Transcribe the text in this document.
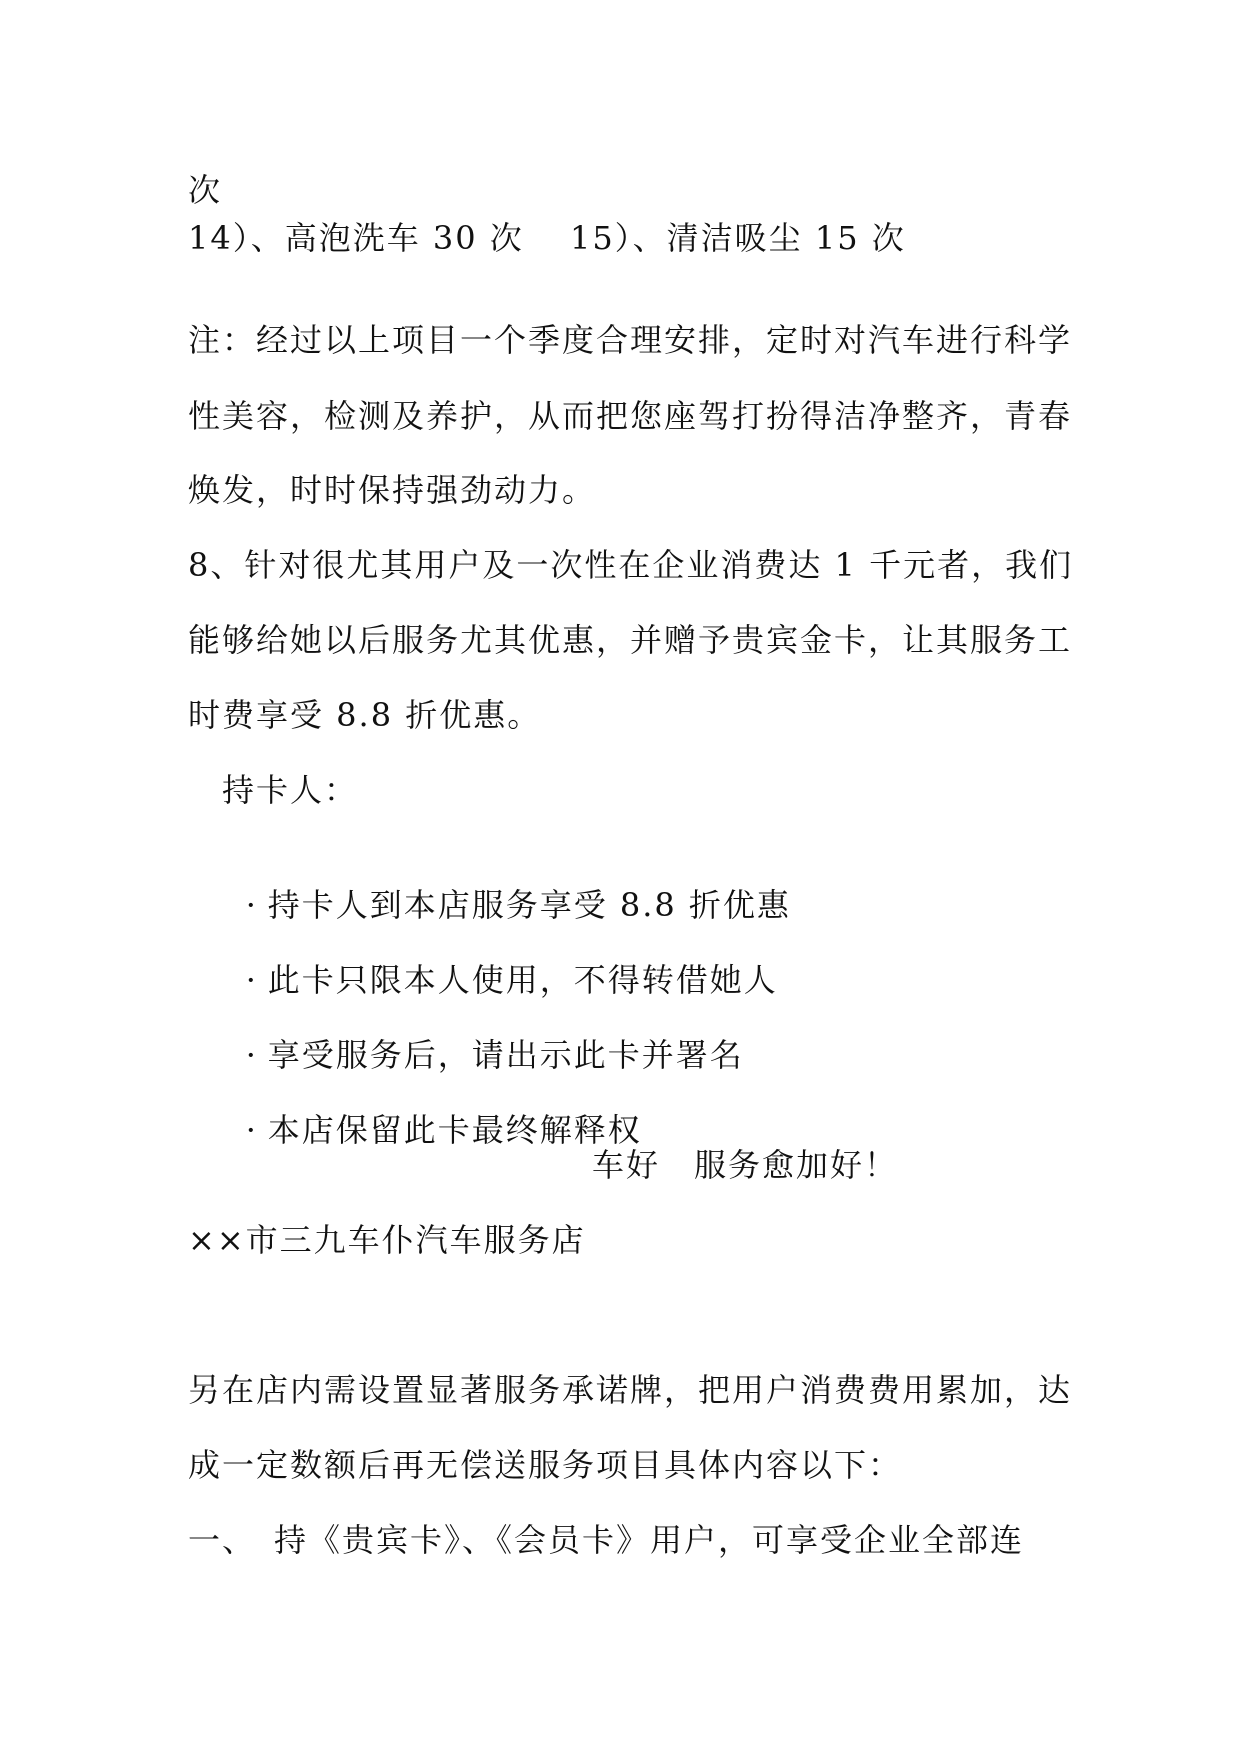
次
14）、高泡洗车 30 次　 15）、清洁吸尘 15 次
注：经过以上项目一个季度合理安排，定时对汽车进行科学
性美容，检测及养护，从而把您座驾打扮得洁净整齐，青春
焕发，时时保持强劲动力。
8、针对很尤其用户及一次性在企业消费达 1 千元者，我们
能够给她以后服务尤其优惠，并赠予贵宾金卡，让其服务工
时费享受 8.8 折优惠。
持卡人：

· 持卡人到本店服务享受 8.8 折优惠

· 此卡只限本人使用，不得转借她人

· 享受服务后，请出示此卡并署名

· 本店保留此卡最终解释权

车好　服务愈加好！
××市三九车仆汽车服务店
另在店内需设置显著服务承诺牌，把用户消费费用累加，达
成一定数额后再无偿送服务项目具体内容以下：
一、　持《贵宾卡》、《会员卡》用户，可享受企业全部连
